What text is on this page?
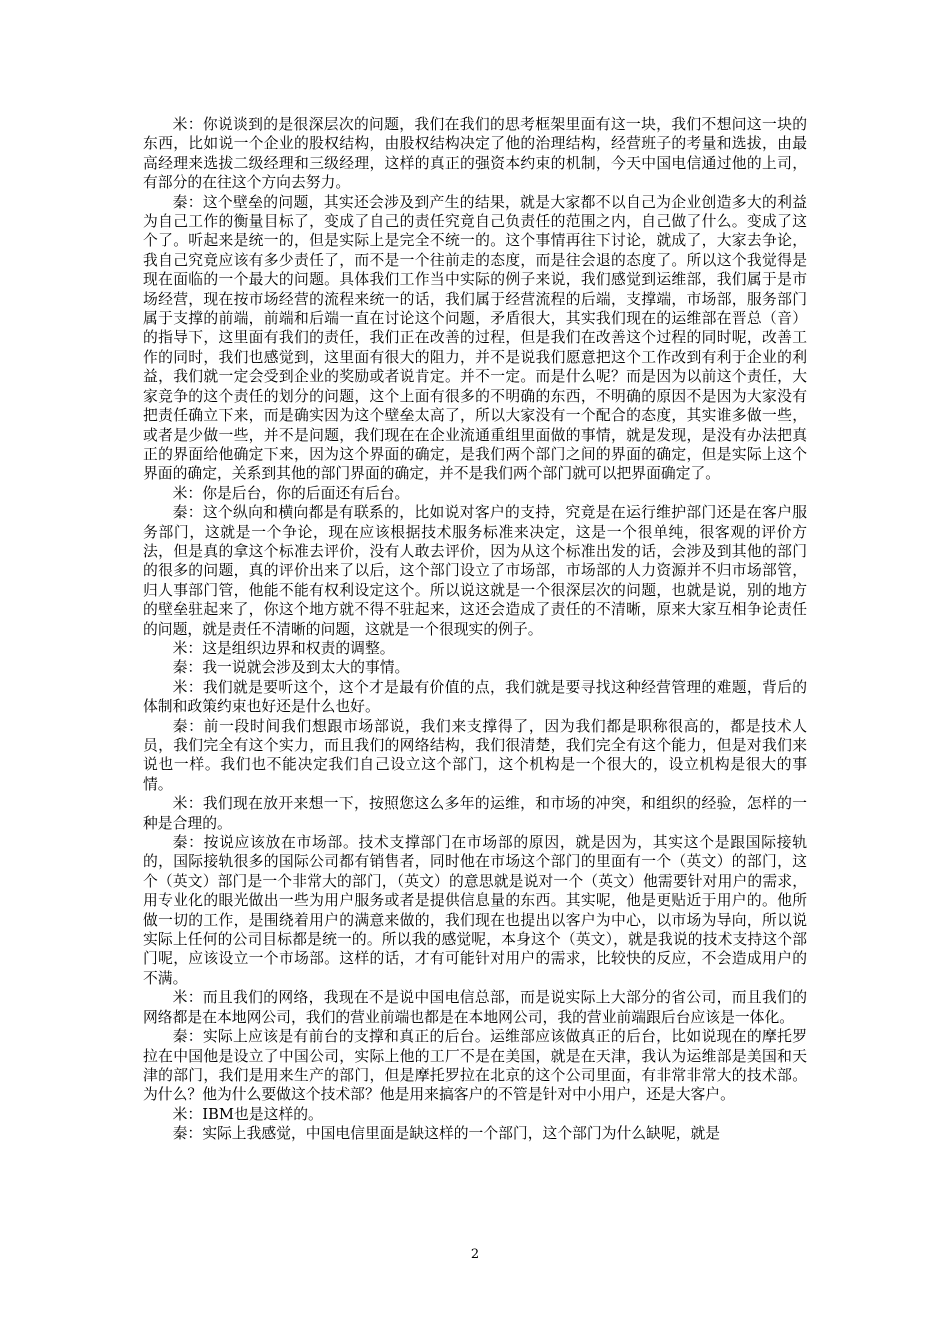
米：你说谈到的是很深层次的问题，我们在我们的思考框架里面有这一块，我们不想问这一块的东西，比如说一个企业的股权结构，由股权结构决定了他的治理结构，经营班子的考量和选拔，由最高经理来选拔二级经理和三级经理，这样的真正的强资本约束的机制，今天中国电信通过他的上司，有部分的在往这个方向去努力。

秦：这个壁垒的问题，其实还会涉及到产生的结果，就是大家都不以自己为企业创造多大的利益为自己工作的衡量目标了，变成了自己的责任究竟自己负责任的范围之内，自己做了什么。变成了这个了。听起来是统一的，但是实际上是完全不统一的。这个事情再往下讨论，就成了，大家去争论，我自己究竟应该有多少责任了，而不是一个往前走的态度，而是往会退的态度了。所以这个我觉得是现在面临的一个最大的问题。具体我们工作当中实际的例子来说，我们感觉到运维部，我们属于是市场经营，现在按市场经营的流程来统一的话，我们属于经营流程的后端，支撑端，市场部，服务部门属于支撑的前端，前端和后端一直在讨论这个问题，矛盾很大，其实我们现在的运维部在晋总（音）的指导下，这里面有我们的责任，我们正在改善的过程，但是我们在改善这个过程的同时呢，改善工作的同时，我们也感觉到，这里面有很大的阻力，并不是说我们愿意把这个工作改到有利于企业的利益，我们就一定会受到企业的奖励或者说肯定。并不一定。而是什么呢？而是因为以前这个责任，大家竞争的这个责任的划分的问题，这个上面有很多的不明确的东西，不明确的原因不是因为大家没有把责任确立下来，而是确实因为这个壁垒太高了，所以大家没有一个配合的态度，其实谁多做一些，或者是少做一些，并不是问题，我们现在在企业流通重组里面做的事情，就是发现，是没有办法把真正的界面给他确定下来，因为这个界面的确定，是我们两个部门之间的界面的确定，但是实际上这个界面的确定，关系到其他的部门界面的确定，并不是我们两个部门就可以把界面确定了。

米：你是后台，你的后面还有后台。

秦：这个纵向和横向都是有联系的，比如说对客户的支持，究竟是在运行维护部门还是在客户服务部门，这就是一个争论，现在应该根据技术服务标准来决定，这是一个很单纯，很客观的评价方法，但是真的拿这个标准去评价，没有人敢去评价，因为从这个标准出发的话，会涉及到其他的部门的很多的问题，真的评价出来了以后，这个部门设立了市场部，市场部的人力资源并不归市场部管，归人事部门管，他能不能有权利设定这个。所以说这就是一个很深层次的问题，也就是说，别的地方的壁垒驻起来了，你这个地方就不得不驻起来，这还会造成了责任的不清晰，原来大家互相争论责任的问题，就是责任不清晰的问题，这就是一个很现实的例子。

米：这是组织边界和权责的调整。

秦：我一说就会涉及到太大的事情。

米：我们就是要听这个，这个才是最有价值的点，我们就是要寻找这种经营管理的难题，背后的体制和政策约束也好还是什么也好。

秦：前一段时间我们想跟市场部说，我们来支撑得了，因为我们都是职称很高的，都是技术人员，我们完全有这个实力，而且我们的网络结构，我们很清楚，我们完全有这个能力，但是对我们来说也一样。我们也不能决定我们自己设立这个部门，这个机构是一个很大的，设立机构是很大的事情。

米：我们现在放开来想一下，按照您这么多年的运维，和市场的冲突，和组织的经验，怎样的一种是合理的。

秦：按说应该放在市场部。技术支撑部门在市场部的原因，就是因为，其实这个是跟国际接轨的，国际接轨很多的国际公司都有销售者，同时他在市场这个部门的里面有一个（英文）的部门，这个（英文）部门是一个非常大的部门，（英文）的意思就是说对一个（英文）他需要针对用户的需求，用专业化的眼光做出一些为用户服务或者是提供信息量的东西。其实呢，他是更贴近于用户的。他所做一切的工作，是围绕着用户的满意来做的，我们现在也提出以客户为中心，以市场为导向，所以说实际上任何的公司目标都是统一的。所以我的感觉呢，本身这个（英文），就是我说的技术支持这个部门呢，应该设立一个市场部。这样的话，才有可能针对用户的需求，比较快的反应，不会造成用户的不满。

米：而且我们的网络，我现在不是说中国电信总部，而是说实际上大部分的省公司，而且我们的网络都是在本地网公司，我们的营业前端也都是在本地网公司，我的营业前端跟后台应该是一体化。

秦：实际上应该是有前台的支撑和真正的后台。运维部应该做真正的后台，比如说现在的摩托罗拉在中国他是设立了中国公司，实际上他的工厂不是在美国，就是在天津，我认为运维部是美国和天津的部门，我们是用来生产的部门，但是摩托罗拉在北京的这个公司里面，有非常非常大的技术部。为什么？他为什么要做这个技术部？他是用来搞客户的不管是针对中小用户，还是大客户。

米：IBM也是这样的。

秦：实际上我感觉，中国电信里面是缺这样的一个部门，这个部门为什么缺呢，就是

2
